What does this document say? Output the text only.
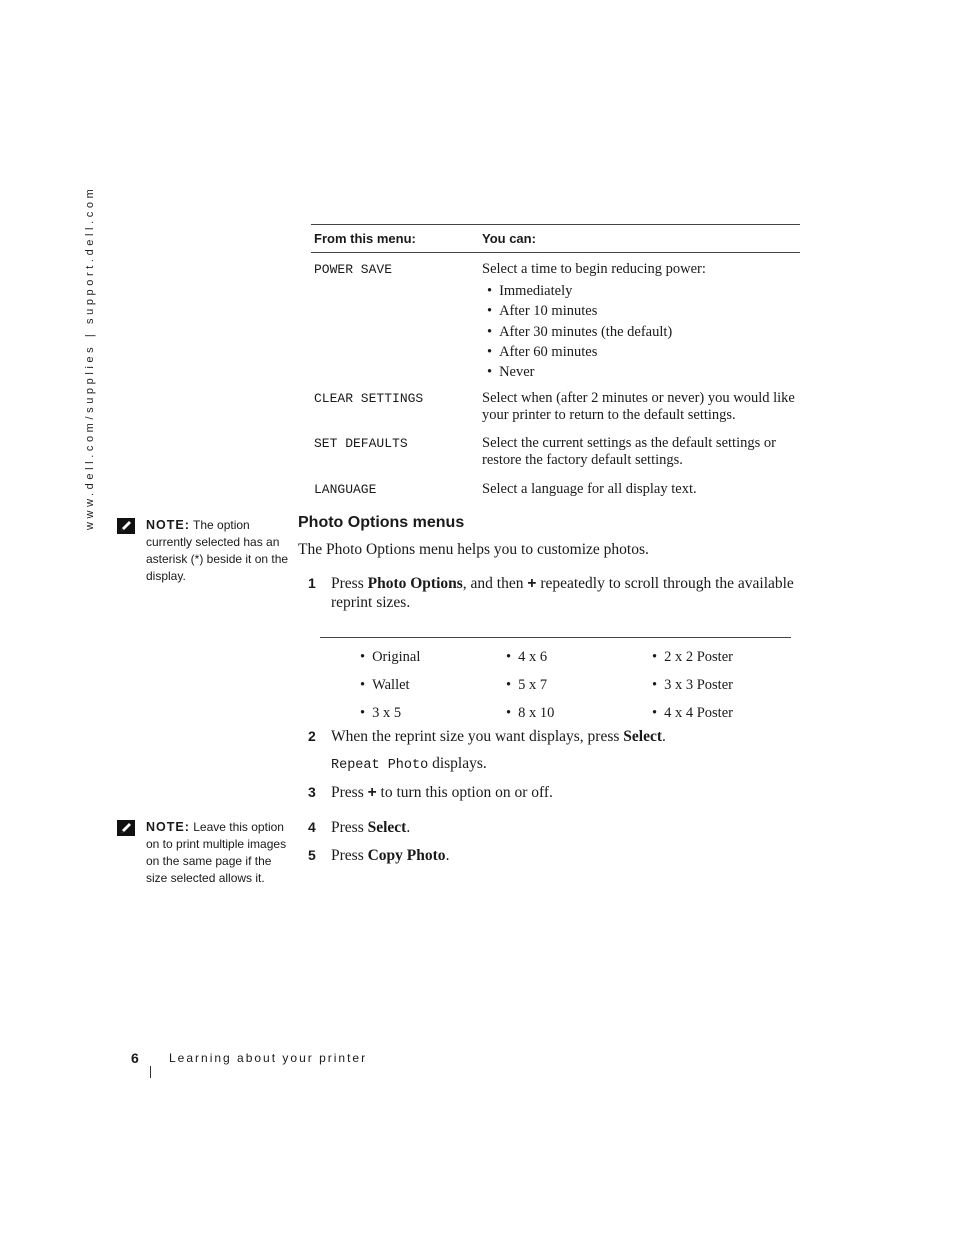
www.dell.com/supplies | support.dell.com	From this menu:	You can:
POWER SAVE	Select a time to begin reducing power:
• Immediately
• After 10 minutes
• After 30 minutes (the default)
• After 60 minutes
• Never
CLEAR SETTINGS	Select when (after 2 minutes or never) you would like your printer to return to the default settings.
SET DEFAULTS	Select the current settings as the default settings or restore the factory default settings.
LANGUAGE	Select a language for all display text.
NOTE: The option currently selected has an asterisk (*) beside it on the display.
Photo Options menus
The Photo Options menu helps you to customize photos.
1 Press Photo Options, and then + repeatedly to scroll through the available reprint sizes.
• Original	• 4 x 6	• 2 x 2 Poster
• Wallet	• 5 x 7	• 3 x 3 Poster
• 3 x 5	• 8 x 10	• 4 x 4 Poster
2 When the reprint size you want displays, press Select.
Repeat Photo displays.
3 Press + to turn this option on or off.
NOTE: Leave this option on to print multiple images on the same page if the size selected allows it.
4 Press Select.
5 Press Copy Photo.
6	Learning about your printer
